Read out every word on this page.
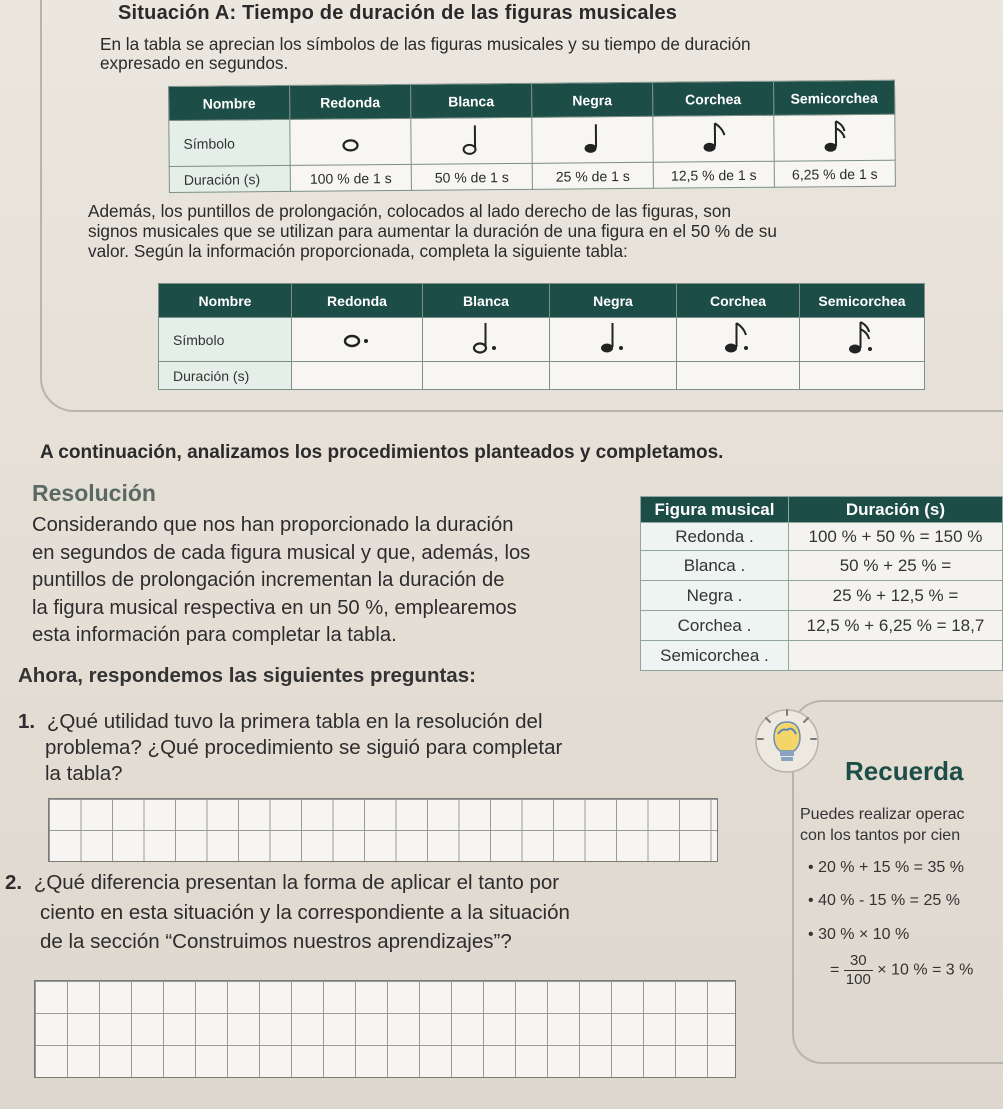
Situación A: Tiempo de duración de las figuras musicales
En la tabla se aprecian los símbolos de las figuras musicales y su tiempo de duración
expresado en segundos.
Nombre	Redonda	Blanca	Negra	Corchea	Semicorchea
Símbolo					
Duración (s)	100 % de 1 s	50 % de 1 s	25 % de 1 s	12,5 % de 1 s	6,25 % de 1 s
Además, los puntillos de prolongación, colocados al lado derecho de las figuras, son
signos musicales que se utilizan para aumentar la duración de una figura en el 50 % de su
valor. Según la información proporcionada, completa la siguiente tabla:
Nombre	Redonda	Blanca	Negra	Corchea	Semicorchea
Símbolo					
Duración (s)					
A continuación, analizamos los procedimientos planteados y completamos.
Resolución
Considerando que nos han proporcionado la duración
en segundos de cada figura musical y que, además, los
puntillos de prolongación incrementan la duración de
la figura musical respectiva en un 50 %, emplearemos
esta información para completar la tabla.
Figura musical	Duración (s)
Redonda .	100 % + 50 % = 150 %
Blanca .	50 % + 25 % =
Negra .	25 % + 12,5 % =
Corchea .	12,5 % + 6,25 % = 18,7
Semicorchea .	
Ahora, respondemos las siguientes preguntas:
1. ¿Qué utilidad tuvo la primera tabla en la resolución del
problema? ¿Qué procedimiento se siguió para completar
la tabla?
2. ¿Qué diferencia presentan la forma de aplicar el tanto por
ciento en esta situación y la correspondiente a la situación
de la sección “Construimos nuestros aprendizajes”?
Recuerda
Puedes realizar operac
con los tantos por cien
• 20 % + 15 % = 35 %
• 40 % - 15 % = 25 %
• 30 % × 10 %
= $\frac{30}{100} \times 10$ % = 3 %
